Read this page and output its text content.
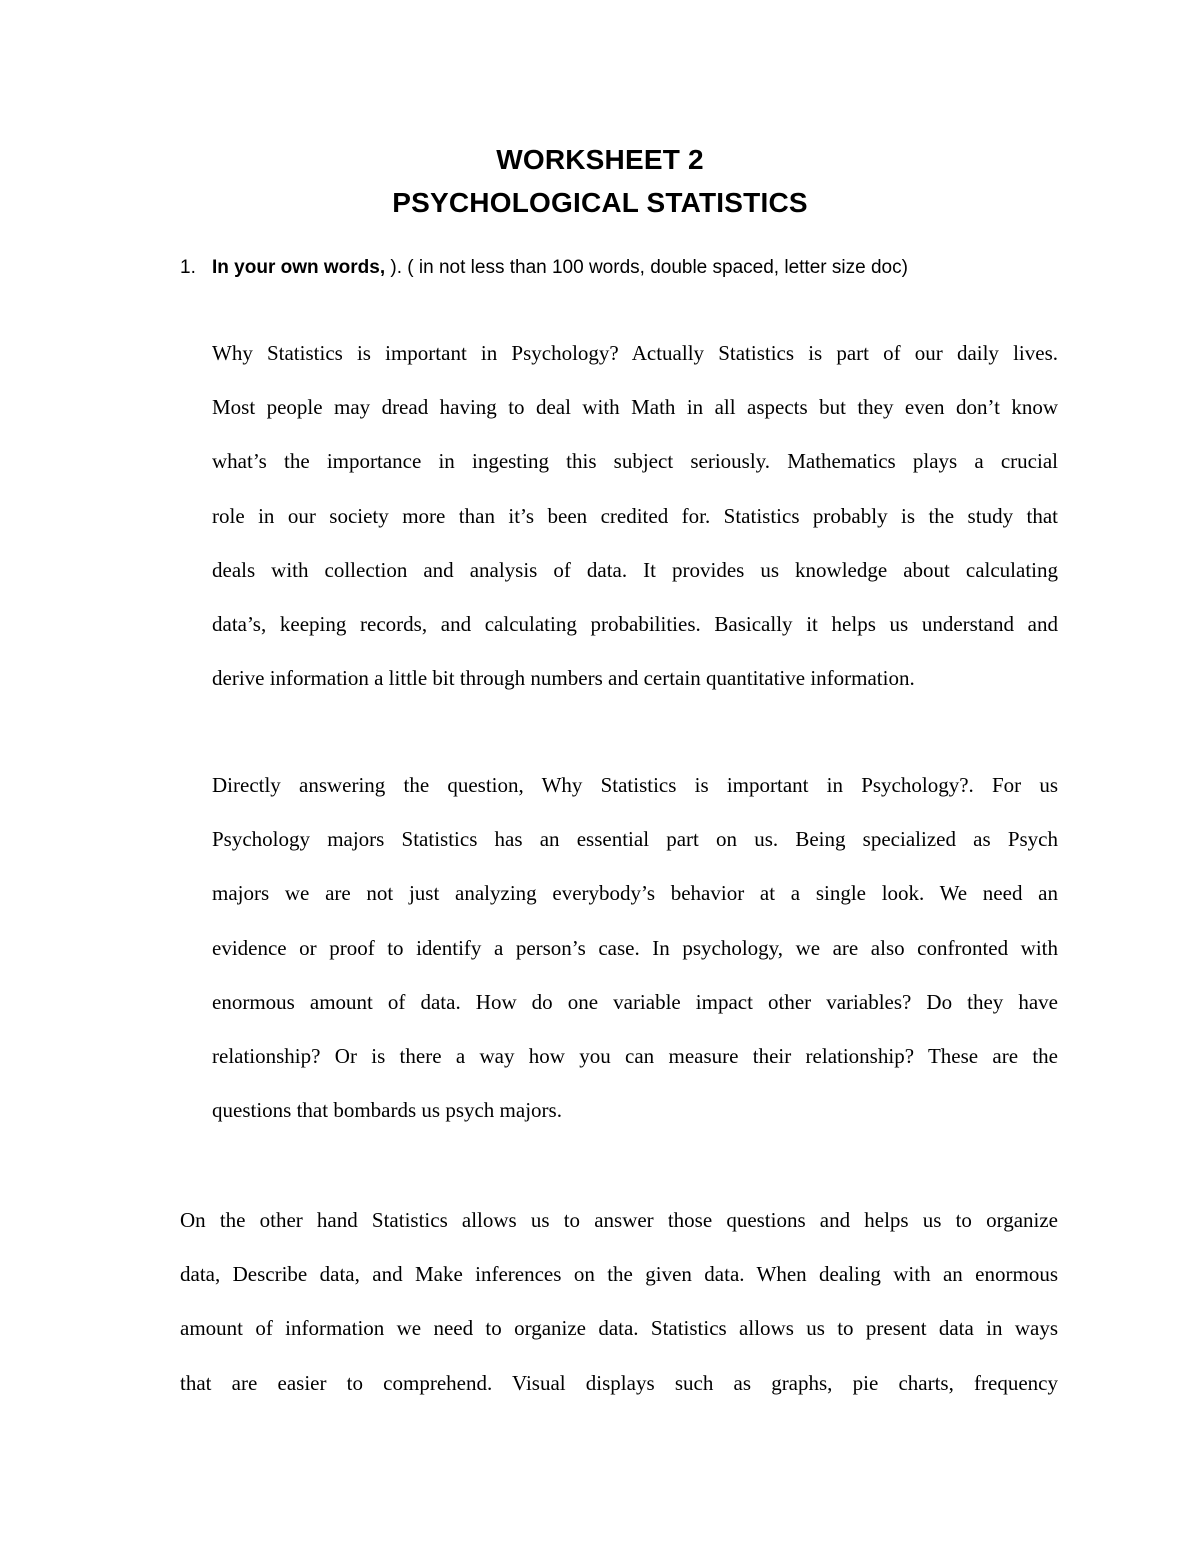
WORKSHEET 2
PSYCHOLOGICAL STATISTICS
1. In your own words, ). ( in not less than 100 words, double spaced, letter size doc)
Why Statistics is important in Psychology? Actually Statistics is part of our daily lives.
Most people may dread having to deal with Math in all aspects but they even don’t know
what’s the importance in ingesting this subject seriously. Mathematics plays a crucial
role in our society more than it’s been credited for. Statistics probably is the study that
deals with collection and analysis of data. It provides us knowledge about calculating
data’s, keeping records, and calculating probabilities. Basically it helps us understand and
derive information a little bit through numbers and certain quantitative information.
Directly answering the question, Why Statistics is important in Psychology?. For us
Psychology majors Statistics has an essential part on us. Being specialized as Psych
majors we are not just analyzing everybody’s behavior at a single look. We need an
evidence or proof to identify a person’s case. In psychology, we are also confronted with
enormous amount of data. How do one variable impact other variables? Do they have
relationship? Or is there a way how you can measure their relationship? These are the
questions that bombards us psych majors.
On the other hand Statistics allows us to answer those questions and helps us to organize
data, Describe data, and Make inferences on the given data. When dealing with an enormous
amount of information we need to organize data. Statistics allows us to present data in ways
that are easier to comprehend. Visual displays such as graphs, pie charts, frequency
